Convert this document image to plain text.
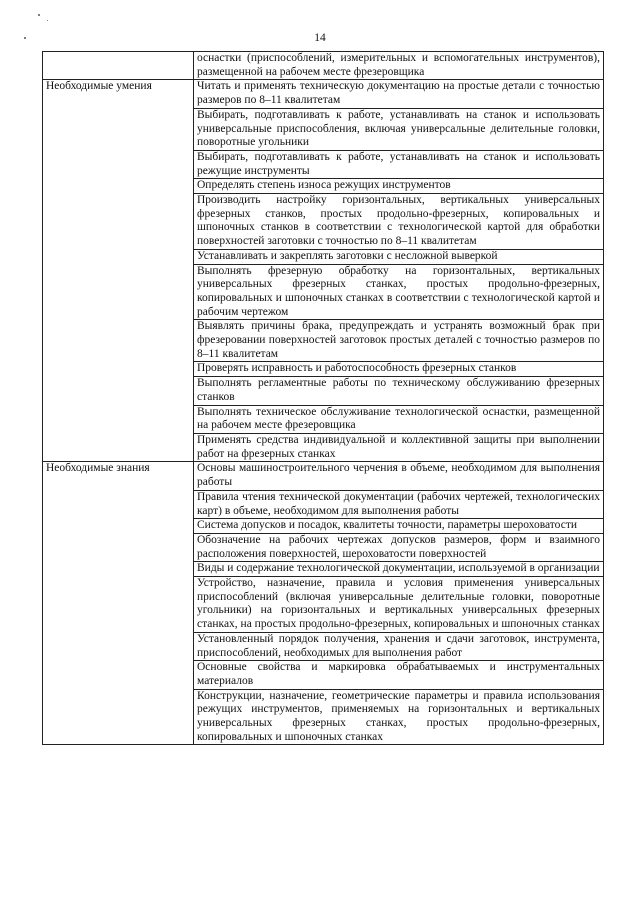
14
	оснастки (приспособлений, измерительных и вспомогательных инструментов), размещенной на рабочем месте фрезеровщика
Необходимые умения	Читать и применять техническую документацию на простые детали с точностью размеров по 8–11 квалитетам
	Выбирать, подготавливать к работе, устанавливать на станок и использовать универсальные приспособления, включая универсальные делительные головки, поворотные угольники
	Выбирать, подготавливать к работе, устанавливать на станок и использовать режущие инструменты
	Определять степень износа режущих инструментов
	Производить настройку горизонтальных, вертикальных универсальных фрезерных станков, простых продольно-фрезерных, копировальных и шпоночных станков в соответствии с технологической картой для обработки поверхностей заготовки с точностью по 8–11 квалитетам
	Устанавливать и закреплять заготовки с несложной выверкой
	Выполнять фрезерную обработку на горизонтальных, вертикальных универсальных фрезерных станках, простых продольно-фрезерных, копировальных и шпоночных станках в соответствии с технологической картой и рабочим чертежом
	Выявлять причины брака, предупреждать и устранять возможный брак при фрезеровании поверхностей заготовок простых деталей с точностью размеров по 8–11 квалитетам
	Проверять исправность и работоспособность фрезерных станков
	Выполнять регламентные работы по техническому обслуживанию фрезерных станков
	Выполнять техническое обслуживание технологической оснастки, размещенной на рабочем месте фрезеровщика
	Применять средства индивидуальной и коллективной защиты при выполнении работ на фрезерных станках
Необходимые знания	Основы машиностроительного черчения в объеме, необходимом для выполнения работы
	Правила чтения технической документации (рабочих чертежей, технологических карт) в объеме, необходимом для выполнения работы
	Система допусков и посадок, квалитеты точности, параметры шероховатости
	Обозначение на рабочих чертежах допусков размеров, форм и взаимного расположения поверхностей, шероховатости поверхностей
	Виды и содержание технологической документации, используемой в организации
	Устройство, назначение, правила и условия применения универсальных приспособлений (включая универсальные делительные головки, поворотные угольники) на горизонтальных и вертикальных универсальных фрезерных станках, на простых продольно-фрезерных, копировальных и шпоночных станках
	Установленный порядок получения, хранения и сдачи заготовок, инструмента, приспособлений, необходимых для выполнения работ
	Основные свойства и маркировка обрабатываемых и инструментальных материалов
	Конструкции, назначение, геометрические параметры и правила использования режущих инструментов, применяемых на горизонтальных и вертикальных универсальных фрезерных станках, простых продольно-фрезерных, копировальных и шпоночных станках
